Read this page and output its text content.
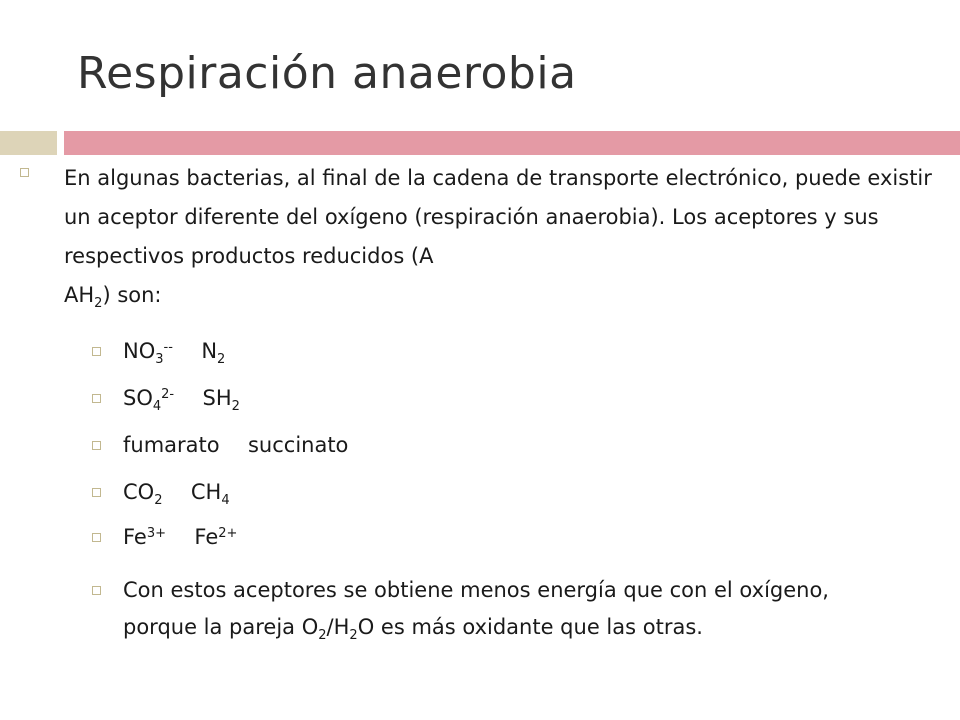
Respiración anaerobia
En algunas bacterias, al final de la cadena de transporte electrónico, puede existir un aceptor diferente del oxígeno (respiración anaerobia). Los aceptores y sus respectivos productos reducidos (A
$AH_2$) son:
$NO_3^{--}$ $N_2$
$SO_4^{2-}$ $SH_2$
fumarato  succinato
$CO_2$ $CH_4$
$Fe^{3+}$ $Fe^{2+}$
Con estos aceptores se obtiene menos energía que con el oxígeno, porque la pareja $O_2/H_2O$ es más oxidante que las otras.
